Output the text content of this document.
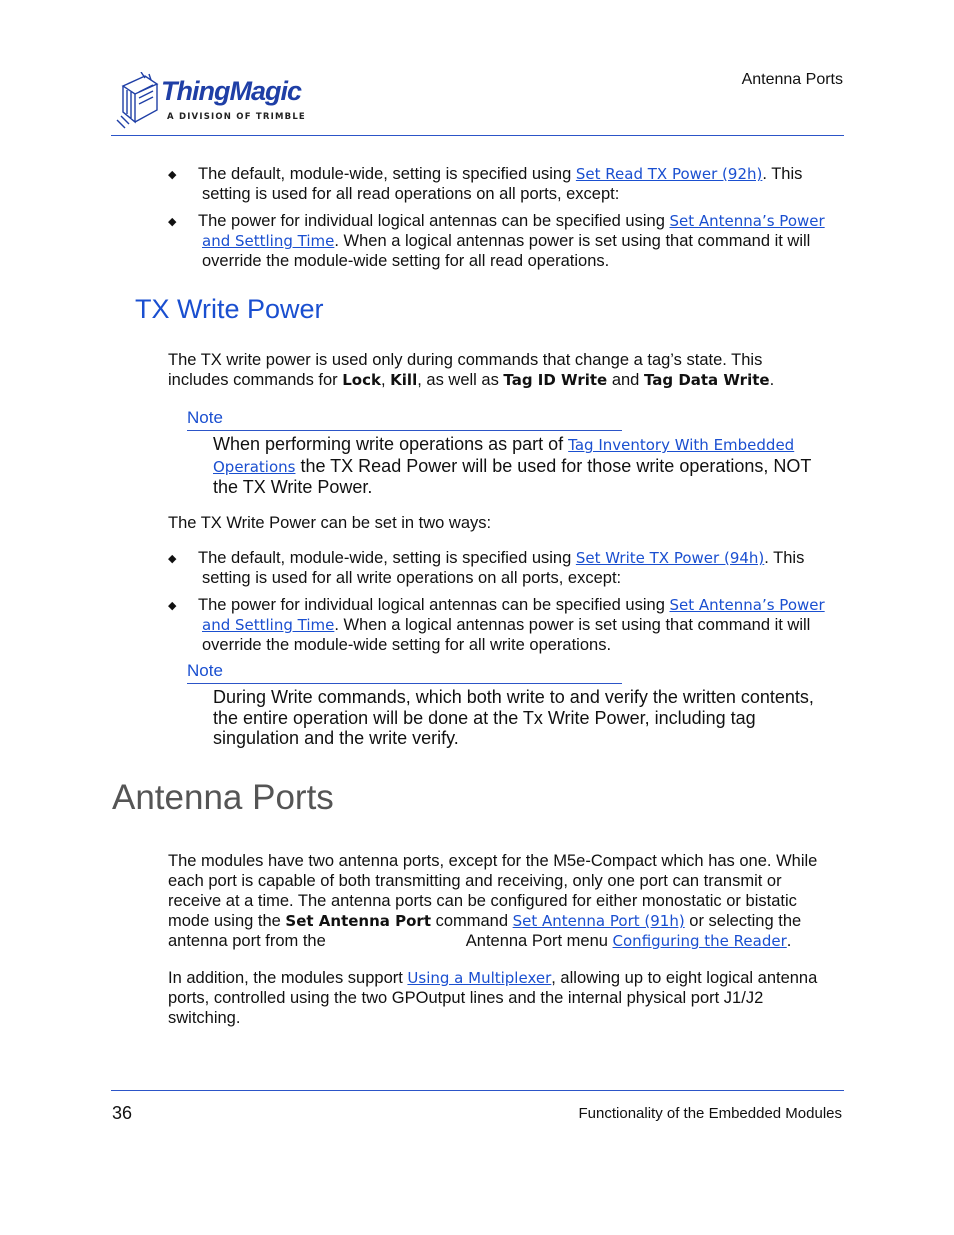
ThingMagic
A DIVISION OF TRIMBLE
Antenna Ports
◆ The default, module-wide, setting is specified using Set Read TX Power (92h). This
setting is used for all read operations on all ports, except:
◆ The power for individual logical antennas can be specified using Set Antenna’s Power
and Settling Time. When a logical antennas power is set using that command it will
override the module-wide setting for all read operations.
TX Write Power
The TX write power is used only during commands that change a tag’s state. This
includes commands for Lock, Kill, as well as Tag ID Write and Tag Data Write.
Note
When performing write operations as part of Tag Inventory With Embedded
Operations the TX Read Power will be used for those write operations, NOT
the TX Write Power.
The TX Write Power can be set in two ways:
◆ The default, module-wide, setting is specified using Set Write TX Power (94h). This
setting is used for all write operations on all ports, except:
◆ The power for individual logical antennas can be specified using Set Antenna’s Power
and Settling Time. When a logical antennas power is set using that command it will
override the module-wide setting for all write operations.
Note
During Write commands, which both write to and verify the written contents,
the entire operation will be done at the Tx Write Power, including tag
singulation and the write verify.
Antenna Ports
The modules have two antenna ports, except for the M5e-Compact which has one. While
each port is capable of both transmitting and receiving, only one port can transmit or
receive at a time. The antenna ports can be configured for either monostatic or bistatic
mode using the Set Antenna Port command Set Antenna Port (91h) or selecting the
antenna port from the	Antenna Port menu Configuring the Reader.
In addition, the modules support Using a Multiplexer, allowing up to eight logical antenna
ports, controlled using the two GPOutput lines and the internal physical port J1/J2
switching.
36	Functionality of the Embedded Modules
